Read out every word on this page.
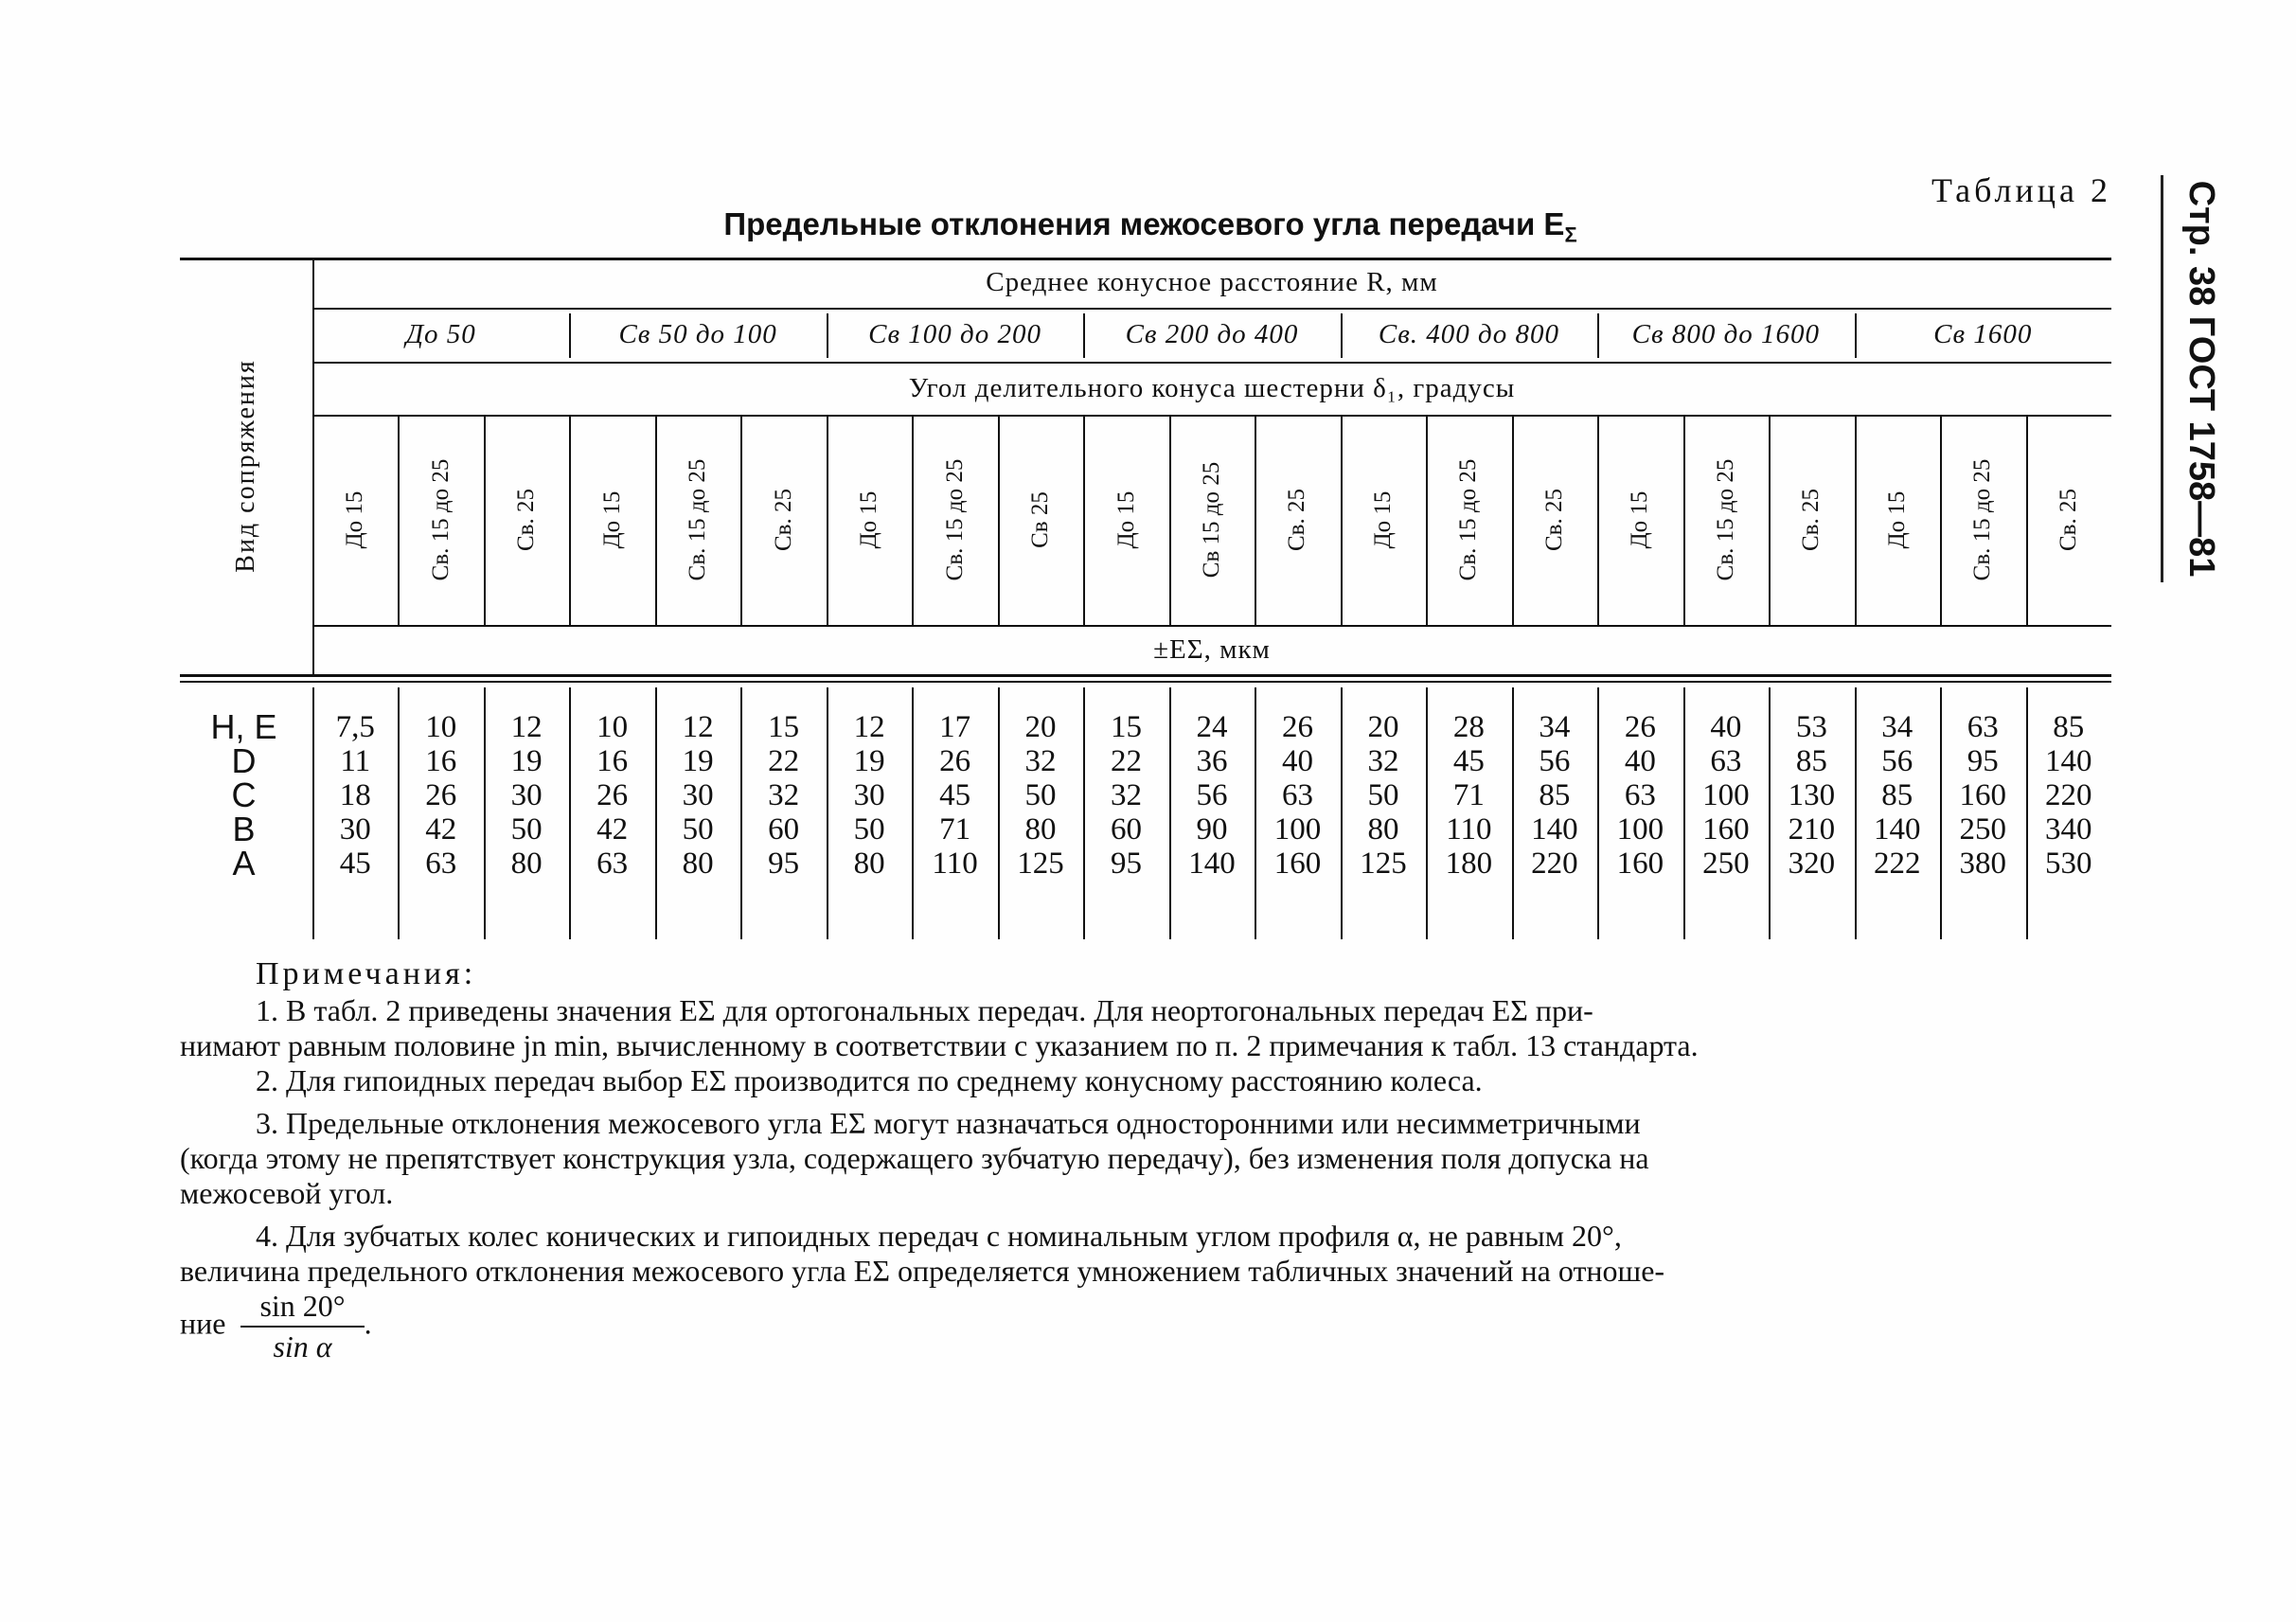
Стр. 38 ГОСТ 1758—81
Таблица 2
Предельные отклонения межосевого угла передачи $E_\Sigma$
Вид сопряжения
Среднее конусное расстояние R, мм
До 50	Св 50 до 100	Св 100 до 200	Св 200 до 400	Св. 400 до 800	Св 800 до 1600	Св 1600
Угол делительного конуса шестерни δ₁, градусы
До 15	Св. 15 до 25	Св. 25	До 15	Св. 15 до 25	Св. 25	До 15	Св. 15 до 25	Св 25	До 15	Св 15 до 25	Св. 25	До 15	Св. 15 до 25	Св. 25	До 15	Св. 15 до 25	Св. 25	До 15	Св. 15 до 25	Св. 25
±EΣ, мкм
H, E	7,5	10	12	10	12	15	12	17	20	15	24	26	20	28	34	26	40	53	34	63	85
D	11	16	19	16	19	22	19	26	32	22	36	40	32	45	56	40	63	85	56	95	140
C	18	26	30	26	30	32	30	45	50	32	56	63	50	71	85	63	100	130	85	160	220
B	30	42	50	42	50	60	50	71	80	60	90	100	80	110	140	100	160	210	140	250	340
A	45	63	80	63	80	95	80	110	125	95	140	160	125	180	220	160	250	320	222	380	530

Примечания:

1. В табл. 2 приведены значения EΣ для ортогональных передач. Для неортогональных передач EΣ при-

нимают равным половине jn min, вычисленному в соответствии с указанием по п. 2 примечания к табл. 13 стандарта.

2. Для гипоидных передач выбор EΣ производится по среднему конусному расстоянию колеса.

3. Предельные отклонения межосевого угла EΣ могут назначаться односторонними или несимметричными

(когда этому не препятствует конструкция узла, содержащего зубчатую передачу), без изменения поля допуска на

межосевой угол.

4. Для зубчатых колес конических и гипоидных передач с номинальным углом профиля α, не равным 20°,

величина предельного отклонения межосевого угла EΣ определяется умножением табличных значений на отноше-

ние $\frac{\sin 20^\circ}{\text{sin α}}$ .
